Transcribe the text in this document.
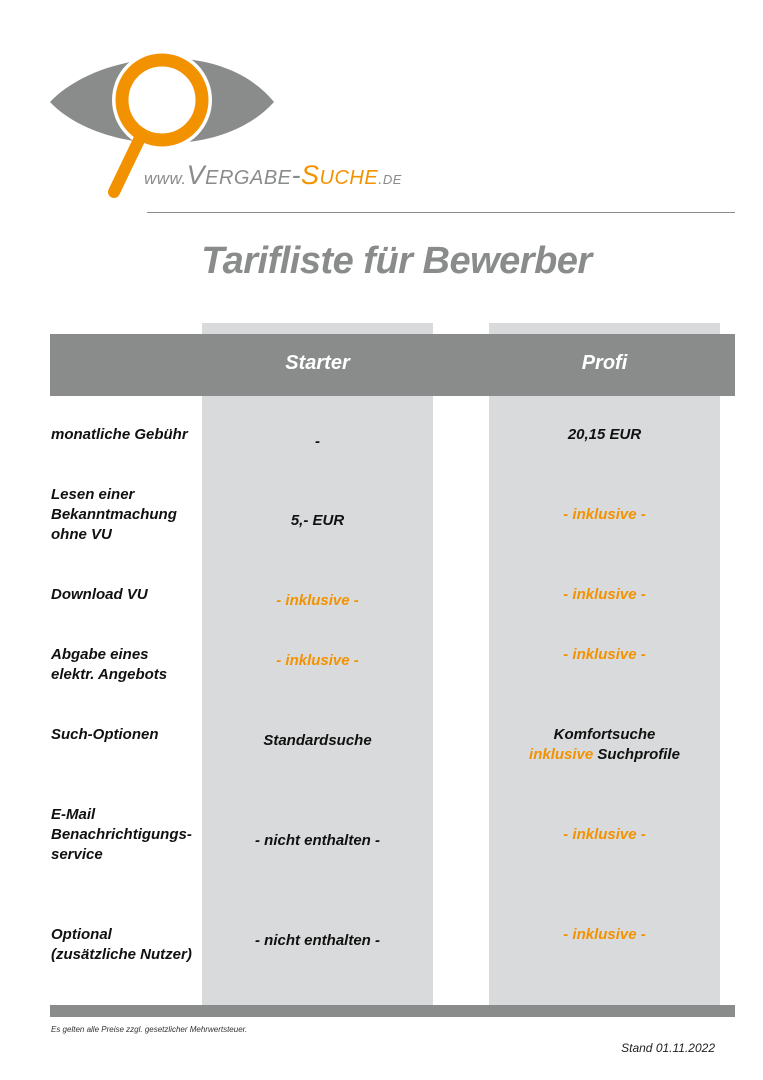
www.VERGABE-SUCHE.DE
Tarifliste für Bewerber
Starter	Profi
monatliche Gebühr
Lesen einer
Bekanntmachung
ohne VU
Download VU
Abgabe eines
elektr. Angebots
Such-Optionen
E-Mail
Benachrichtigungs-
service
Optional
(zusätzliche Nutzer)
-
5,- EUR
- inklusive -
- inklusive -
Standardsuche
- nicht enthalten -
- nicht enthalten -
20,15 EUR
- inklusive -
- inklusive -
- inklusive -
Komfortsuche
inklusive Suchprofile
- inklusive -
- inklusive -
Es gelten alle Preise zzgl. gesetzlicher Mehrwertsteuer.
Stand 01.11.2022
